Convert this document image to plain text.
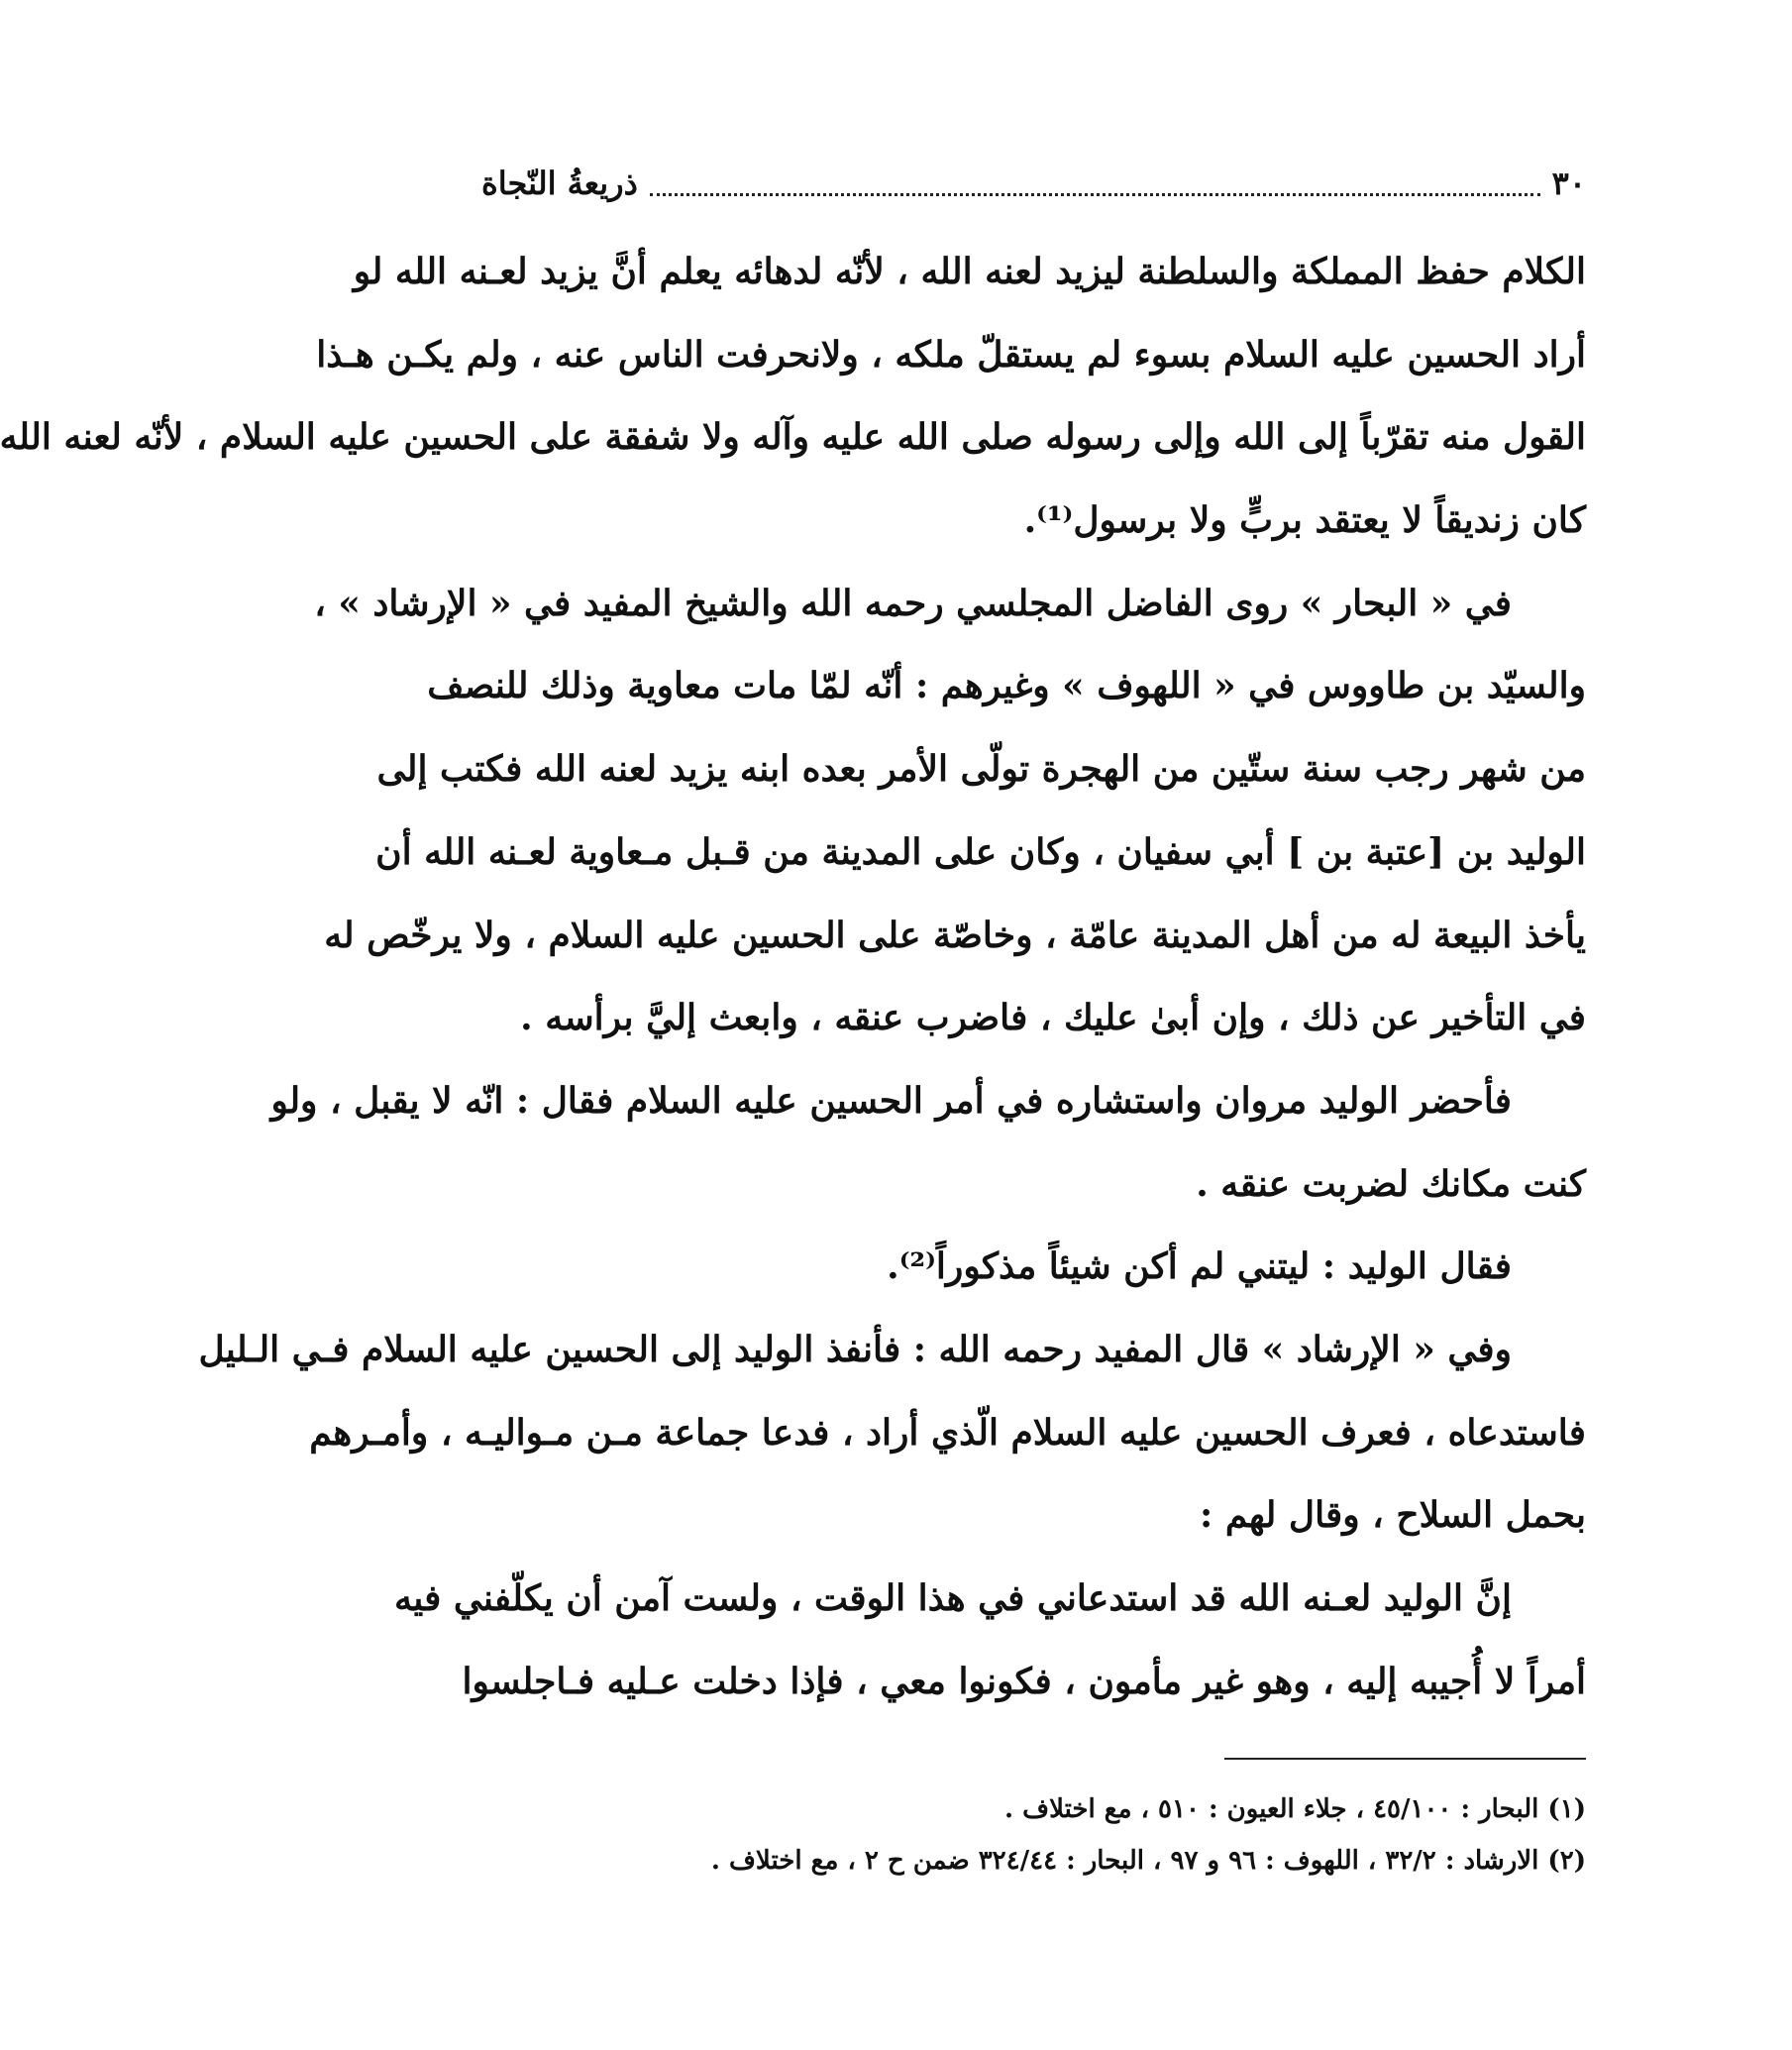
٣٠
ذريعةُ النّجاة
الكلام حفظ المملكة والسلطنة ليزيد لعنه الله ، لأنّه لدهائه يعلم أنَّ يزيد لعـنه الله لو
أراد الحسين عليه السلام بسوء لم يستقلّ ملكه ، ولانحرفت الناس عنه ، ولم يكـن هـذا
القول منه تقرّباً إلى الله وإلى رسوله صلى الله عليه وآله ولا شفقة على الحسين عليه السلام ، لأنّه لعنه الله
كان زنديقاً لا يعتقد بربٍّ ولا برسول⁽¹⁾.
في « البحار » روى الفاضل المجلسي رحمه الله والشيخ المفيد في « الإرشاد » ،
والسيّد بن طاووس في « اللهوف » وغيرهم : أنّه لمّا مات معاوية وذلك للنصف
من شهر رجب سنة ستّين من الهجرة تولّى الأمر بعده ابنه يزيد لعنه الله فكتب إلى
الوليد بن [عتبة بن ] أبي سفيان ، وكان على المدينة من قـبل مـعاوية لعـنه الله أن
يأخذ البيعة له من أهل المدينة عامّة ، وخاصّة على الحسين عليه السلام ، ولا يرخّص له
في التأخير عن ذلك ، وإن أبىٰ عليك ، فاضرب عنقه ، وابعث إليَّ برأسه .
فأحضر الوليد مروان واستشاره في أمر الحسين عليه السلام فقال : انّه لا يقبل ، ولو
كنت مكانك لضربت عنقه .
فقال الوليد : ليتني لم أكن شيئاً مذكوراً⁽²⁾.
وفي « الإرشاد » قال المفيد رحمه الله : فأنفذ الوليد إلى الحسين عليه السلام فـي الـليل
فاستدعاه ، فعرف الحسين عليه السلام الّذي أراد ، فدعا جماعة مـن مـواليـه ، وأمـرهم
بحمل السلاح ، وقال لهم :
إنَّ الوليد لعـنه الله قد استدعاني في هذا الوقت ، ولست آمن أن يكلّفني فيه
أمراً لا أُجيبه إليه ، وهو غير مأمون ، فكونوا معي ، فإذا دخلت عـليه فـاجلسوا
(١) البحار : ٤٥/١٠٠ ، جلاء العيون : ٥١٠ ، مع اختلاف .
(٢) الارشاد : ٣٢/٢ ، اللهوف : ٩٦ و ٩٧ ، البحار : ٣٢٤/٤٤ ضمن ح ٢ ، مع اختلاف .
